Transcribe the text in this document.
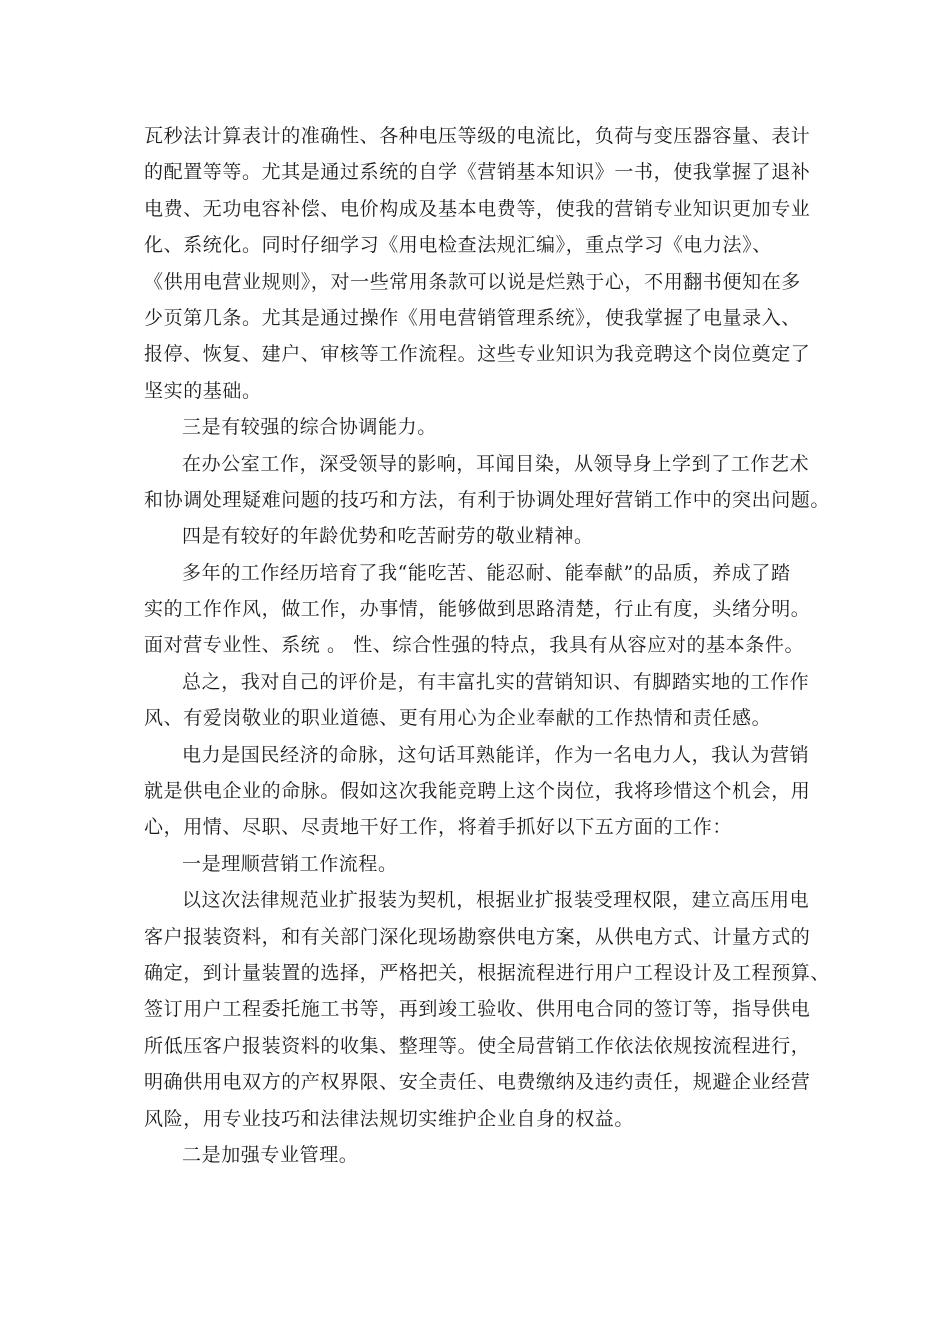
瓦秒法计算表计的准确性、各种电压等级的电流比，负荷与变压器容量、表计
的配置等等。尤其是通过系统的自学《营销基本知识》一书，使我掌握了退补
电费、无功电容补偿、电价构成及基本电费等，使我的营销专业知识更加专业
化、系统化。同时仔细学习《用电检查法规汇编》，重点学习《电力法》、
《供用电营业规则》，对一些常用条款可以说是烂熟于心，不用翻书便知在多
少页第几条。尤其是通过操作《用电营销管理系统》，使我掌握了电量录入、
报停、恢复、建户、审核等工作流程。这些专业知识为我竞聘这个岗位奠定了
坚实的基础。
三是有较强的综合协调能力。
在办公室工作，深受领导的影响，耳闻目染，从领导身上学到了工作艺术
和协调处理疑难问题的技巧和方法，有利于协调处理好营销工作中的突出问题。
四是有较好的年龄优势和吃苦耐劳的敬业精神。
多年的工作经历培育了我“能吃苦、能忍耐、能奉献”的品质，养成了踏
实的工作作风，做工作，办事情，能够做到思路清楚，行止有度，头绪分明。
面对营专业性、系统 。 性、综合性强的特点，我具有从容应对的基本条件。
总之，我对自己的评价是，有丰富扎实的营销知识、有脚踏实地的工作作
风、有爱岗敬业的职业道德、更有用心为企业奉献的工作热情和责任感。
电力是国民经济的命脉，这句话耳熟能详，作为一名电力人，我认为营销
就是供电企业的命脉。假如这次我能竞聘上这个岗位，我将珍惜这个机会，用
心，用情、尽职、尽责地干好工作，将着手抓好以下五方面的工作：
一是理顺营销工作流程。
以这次法律规范业扩报装为契机，根据业扩报装受理权限，建立高压用电
客户报装资料，和有关部门深化现场勘察供电方案，从供电方式、计量方式的
确定，到计量装置的选择，严格把关，根据流程进行用户工程设计及工程预算、
签订用户工程委托施工书等，再到竣工验收、供用电合同的签订等，指导供电
所低压客户报装资料的收集、整理等。使全局营销工作依法依规按流程进行，
明确供用电双方的产权界限、安全责任、电费缴纳及违约责任，规避企业经营
风险，用专业技巧和法律法规切实维护企业自身的权益。
二是加强专业管理。
